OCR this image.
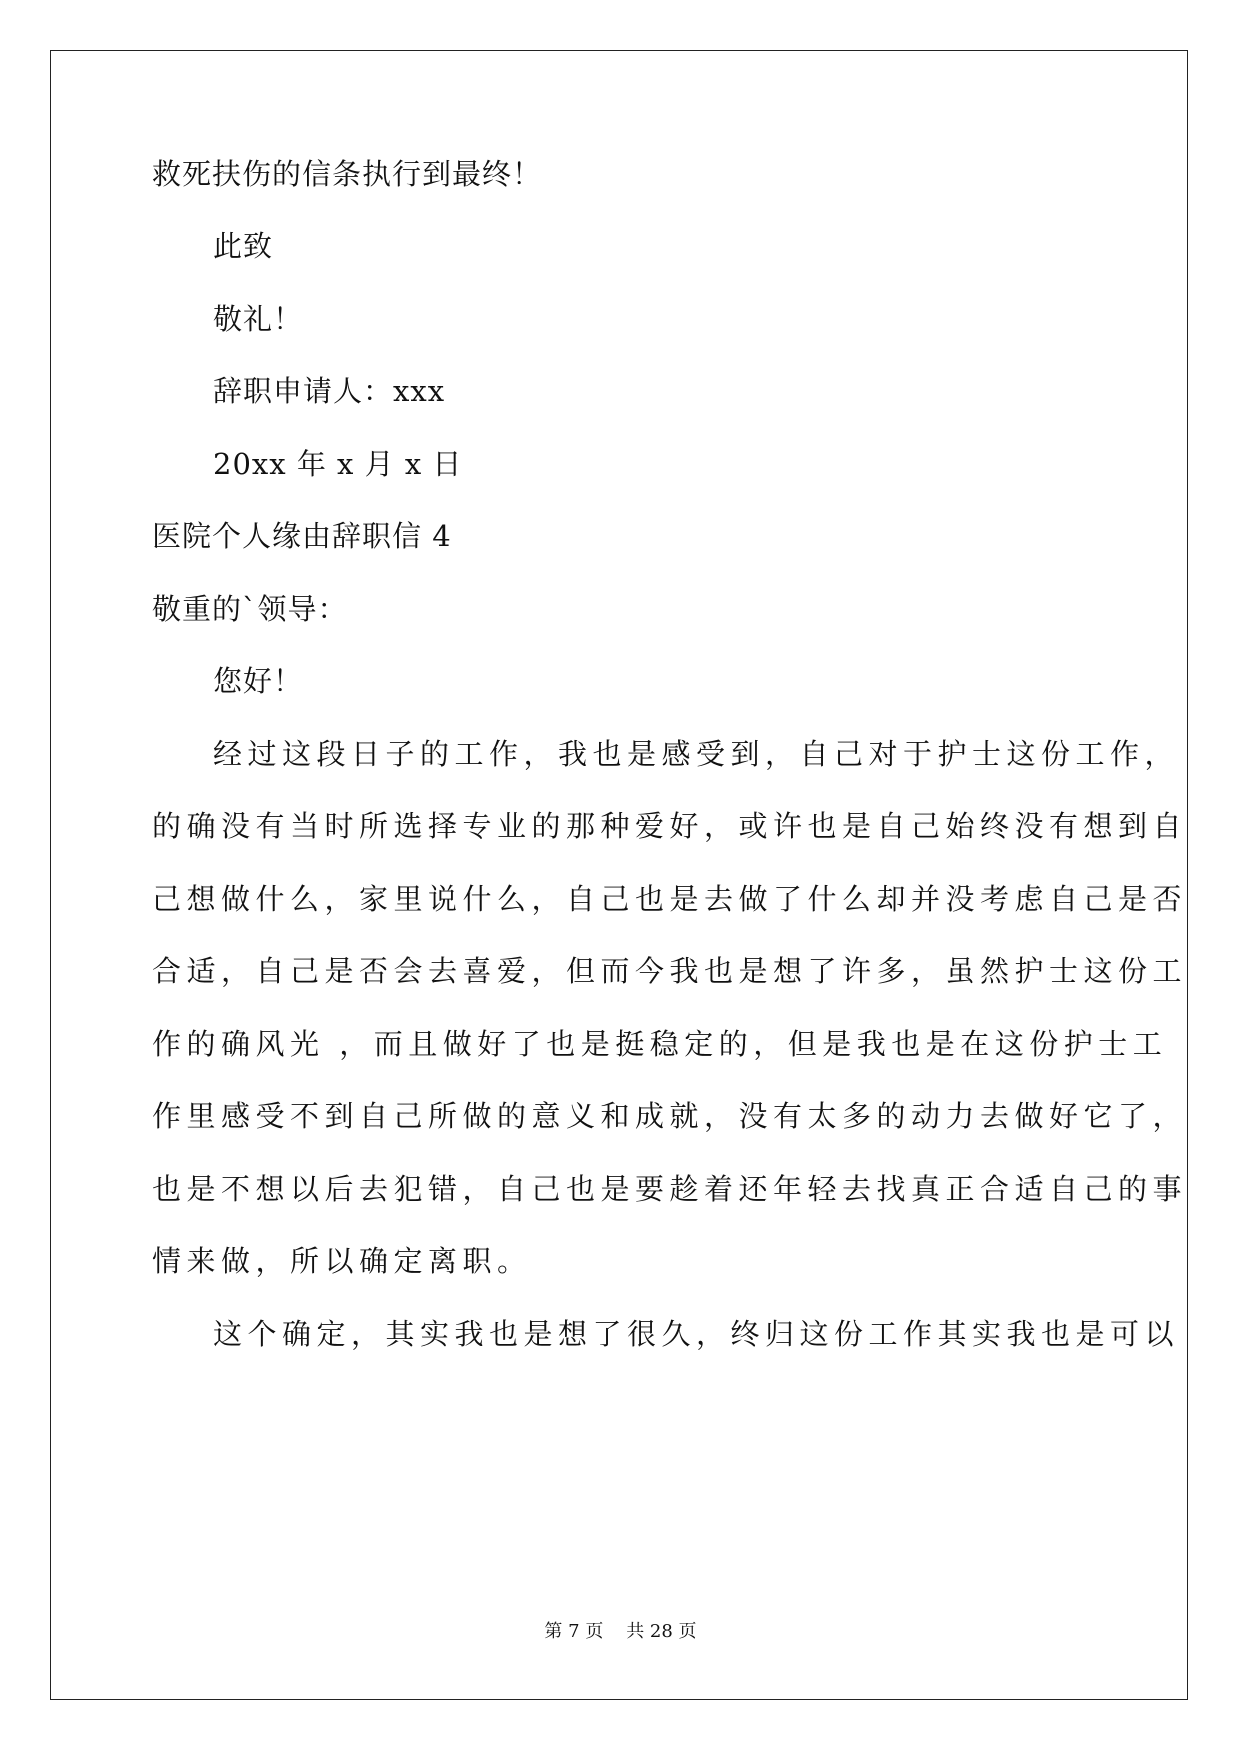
救死扶伤的信条执行到最终！
此致
敬礼！
辞职申请人：xxx
20xx 年 x 月 x 日
医院个人缘由辞职信 4
敬重的`领导：
您好！
经过这段日子的工作，我也是感受到，自己对于护士这份工作，
的确没有当时所选择专业的那种爱好，或许也是自己始终没有想到自
己想做什么，家里说什么，自己也是去做了什么却并没考虑自己是否
合适，自己是否会去喜爱，但而今我也是想了许多，虽然护士这份工
作的确风光 ，而且做好了也是挺稳定的，但是我也是在这份护士工
作里感受不到自己所做的意义和成就，没有太多的动力去做好它了，
也是不想以后去犯错，自己也是要趁着还年轻去找真正合适自己的事
情来做，所以确定离职。
这个确定，其实我也是想了很久，终归这份工作其实我也是可以
第 7 页    共 28 页
